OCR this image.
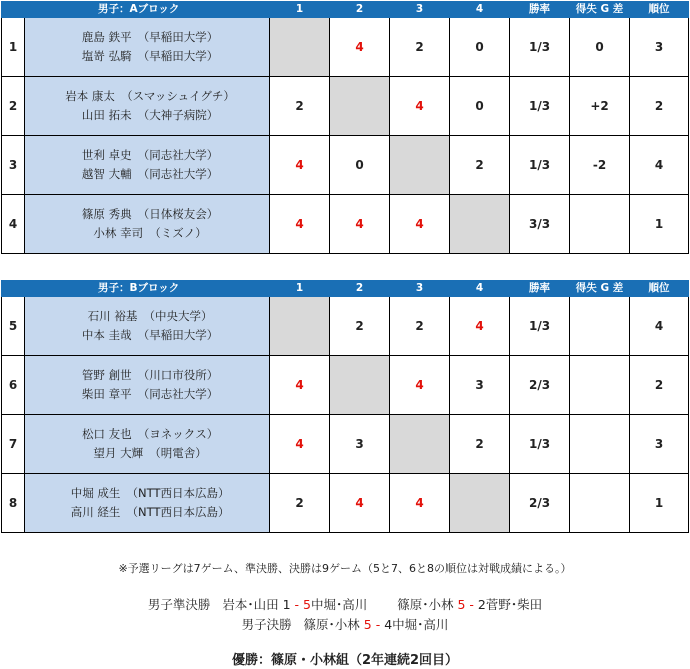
男子：Aブロック		1	2	3	4	勝率	得失 G 差	順位
1	鹿島 鉄平 （早稲田大学）
塩嵜 弘騎 （早稲田大学）		4	2	0	1/3	0	3
2	岩本 康太 （スマッシュイグチ）
山田 拓未 （大神子病院）	2		4	0	1/3	+2	2
3	世利 卓史 （同志社大学）
越智 大輔 （同志社大学）	4	0		2	1/3	-2	4
4	篠原 秀典 （日体桜友会）
小林 幸司 （ミズノ）	4	4	4		3/3		1
男子：Bブロック		1	2	3	4	勝率	得失 G 差	順位
5	石川 裕基 （中央大学）
中本 圭哉 （早稲田大学）		2	2	4	1/3		4
6	管野 創世 （川口市役所）
柴田 章平 （同志社大学）	4		4	3	2/3		2
7	松口 友也 （ヨネックス）
望月 大輝 （明電舎）	4	3		2	1/3		3
8	中堀 成生 （NTT西日本広島）
高川 経生 （NTT西日本広島）	2	4	4		2/3		1
※予選リーグは7ゲーム、準決勝、決勝は9ゲーム（5と7、6と8の順位は対戦成績による。）
男子準決勝 岩本･山田 1 - 5中堀･高川 篠原･小林 5 - 2菅野･柴田
男子決勝 篠原･小林 5 - 4中堀･高川
優勝：篠原・小林組（2年連続2回目）
